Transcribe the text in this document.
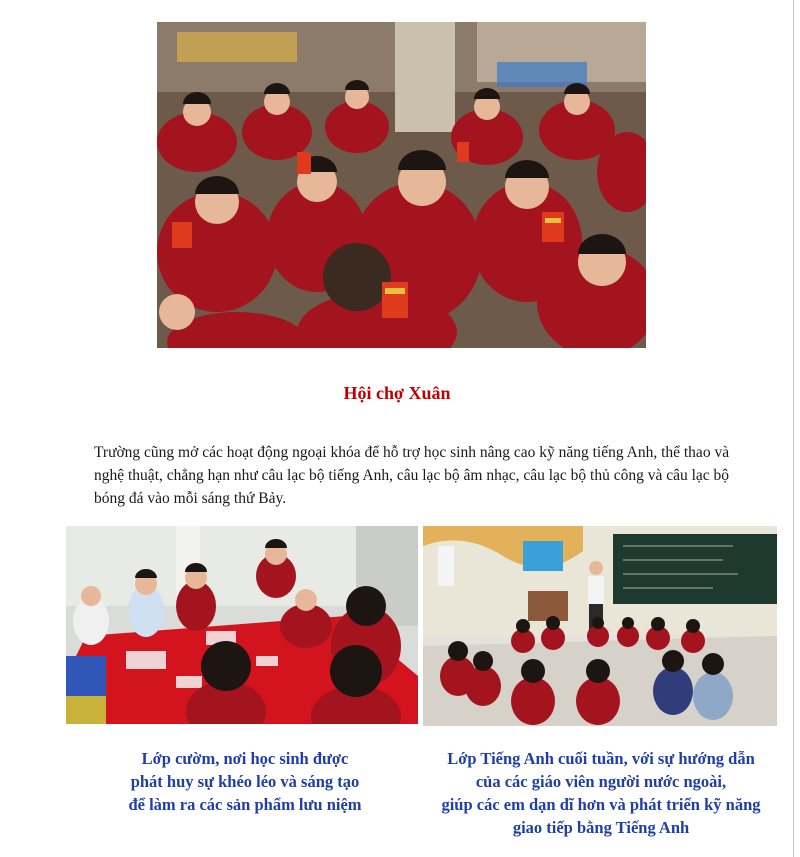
Hội chợ Xuân
Trường cũng mở các hoạt động ngoại khóa để hỗ trợ học sinh nâng cao kỹ năng tiếng Anh, thể thao và nghệ thuật, chẳng hạn như câu lạc bộ tiếng Anh, câu lạc bộ âm nhạc, câu lạc bộ thủ công và câu lạc bộ bóng đá vào mỗi sáng thứ Bảy.
Lớp cườm, nơi học sinh được
phát huy sự khéo léo và sáng tạo
để làm ra các sản phẩm lưu niệm
Lớp Tiếng Anh cuối tuần, với sự hướng dẫn
của các giáo viên người nước ngoài,
giúp các em dạn dĩ hơn và phát triển kỹ năng
giao tiếp bằng Tiếng Anh
